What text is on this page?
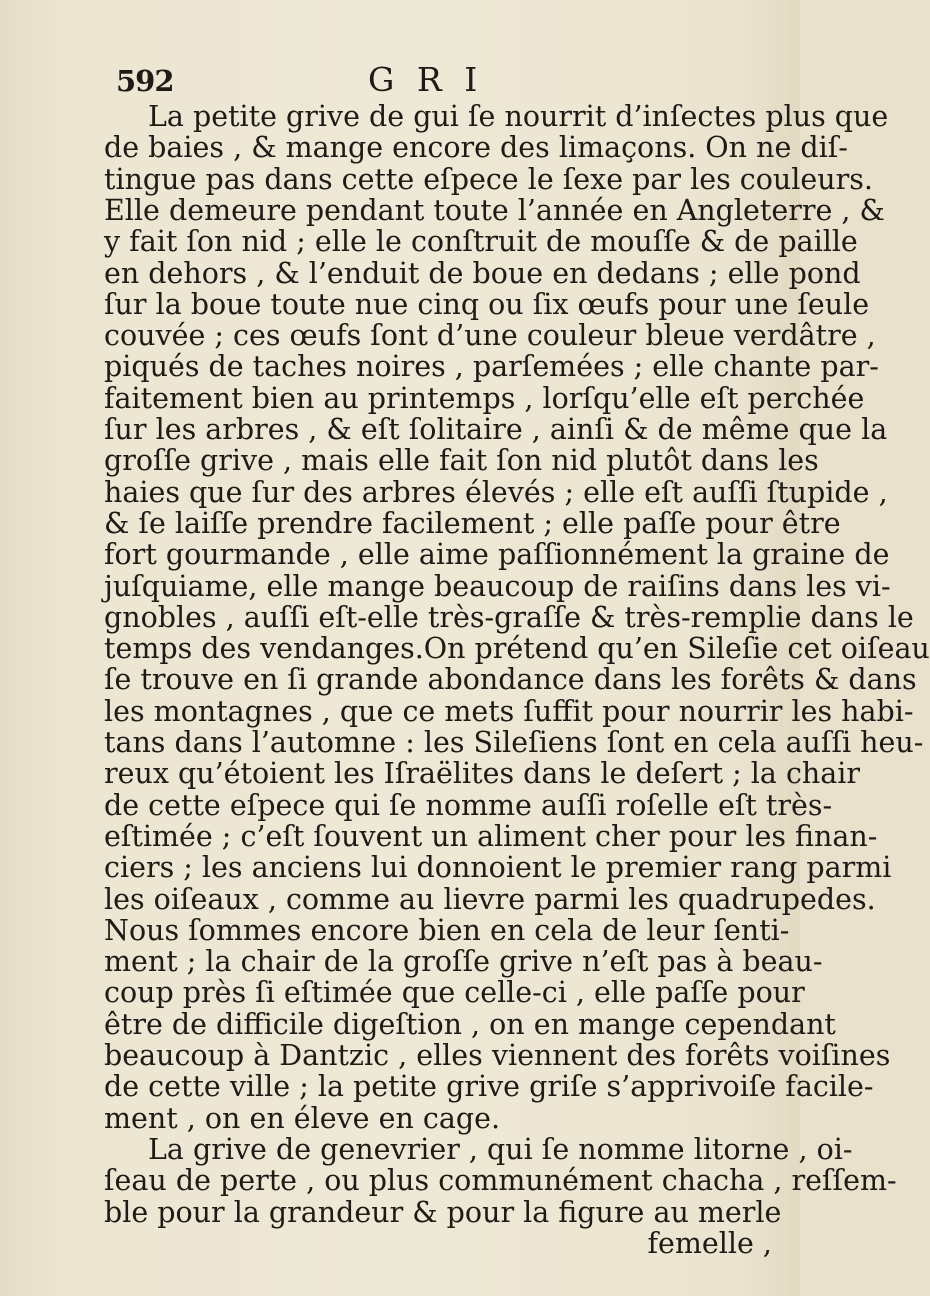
592	G R I
La petite grive de gui ſe nourrit d’inſectes plus que
de baies , & mange encore des limaçons. On ne diſ-
tingue pas dans cette eſpece le ſexe par les couleurs.
Elle demeure pendant toute l’année en Angleterre , &
y fait ſon nid ; elle le conſtruit de mouſſe & de paille
en dehors , & l’enduit de boue en dedans ; elle pond
ſur la boue toute nue cinq ou ſix œufs pour une ſeule
couvée ; ces œufs ſont d’une couleur bleue verdâtre ,
piqués de taches noires , parſemées ; elle chante par-
faitement bien au printemps , lorſqu’elle eſt perchée
ſur les arbres , & eſt ſolitaire , ainſi & de même que la
groſſe grive , mais elle fait ſon nid plutôt dans les
haies que ſur des arbres élevés ; elle eſt auſſi ſtupide ,
& ſe laiſſe prendre facilement ; elle paſſe pour être
fort gourmande , elle aime paſſionnément la graine de
juſquiame, elle mange beaucoup de raiſins dans les vi-
gnobles , auſſi eſt-elle très-graſſe & très-remplie dans le
temps des vendanges.On prétend qu’en Sileſie cet oiſeau
ſe trouve en ſi grande abondance dans les forêts & dans
les montagnes , que ce mets ſuffit pour nourrir les habi-
tans dans l’automne : les Sileſiens ſont en cela auſſi heu-
reux qu’étoient les Iſraëlites dans le deſert ; la chair
de cette eſpece qui ſe nomme auſſi roſelle eſt très-
eſtimée ; c’eſt ſouvent un aliment cher pour les finan-
ciers ; les anciens lui donnoient le premier rang parmi
les oiſeaux , comme au lievre parmi les quadrupedes.
Nous ſommes encore bien en cela de leur ſenti-
ment ; la chair de la groſſe grive n’eſt pas à beau-
coup près ſi eſtimée que celle-ci , elle paſſe pour
être de difficile digeſtion , on en mange cependant
beaucoup à Dantzic , elles viennent des forêts voiſines
de cette ville ; la petite grive griſe s’apprivoiſe facile-
ment , on en éleve en cage.
La grive de genevrier , qui ſe nomme litorne , oi-
ſeau de perte , ou plus communément chacha , reſſem-
ble pour la grandeur & pour la figure au merle
femelle ,
